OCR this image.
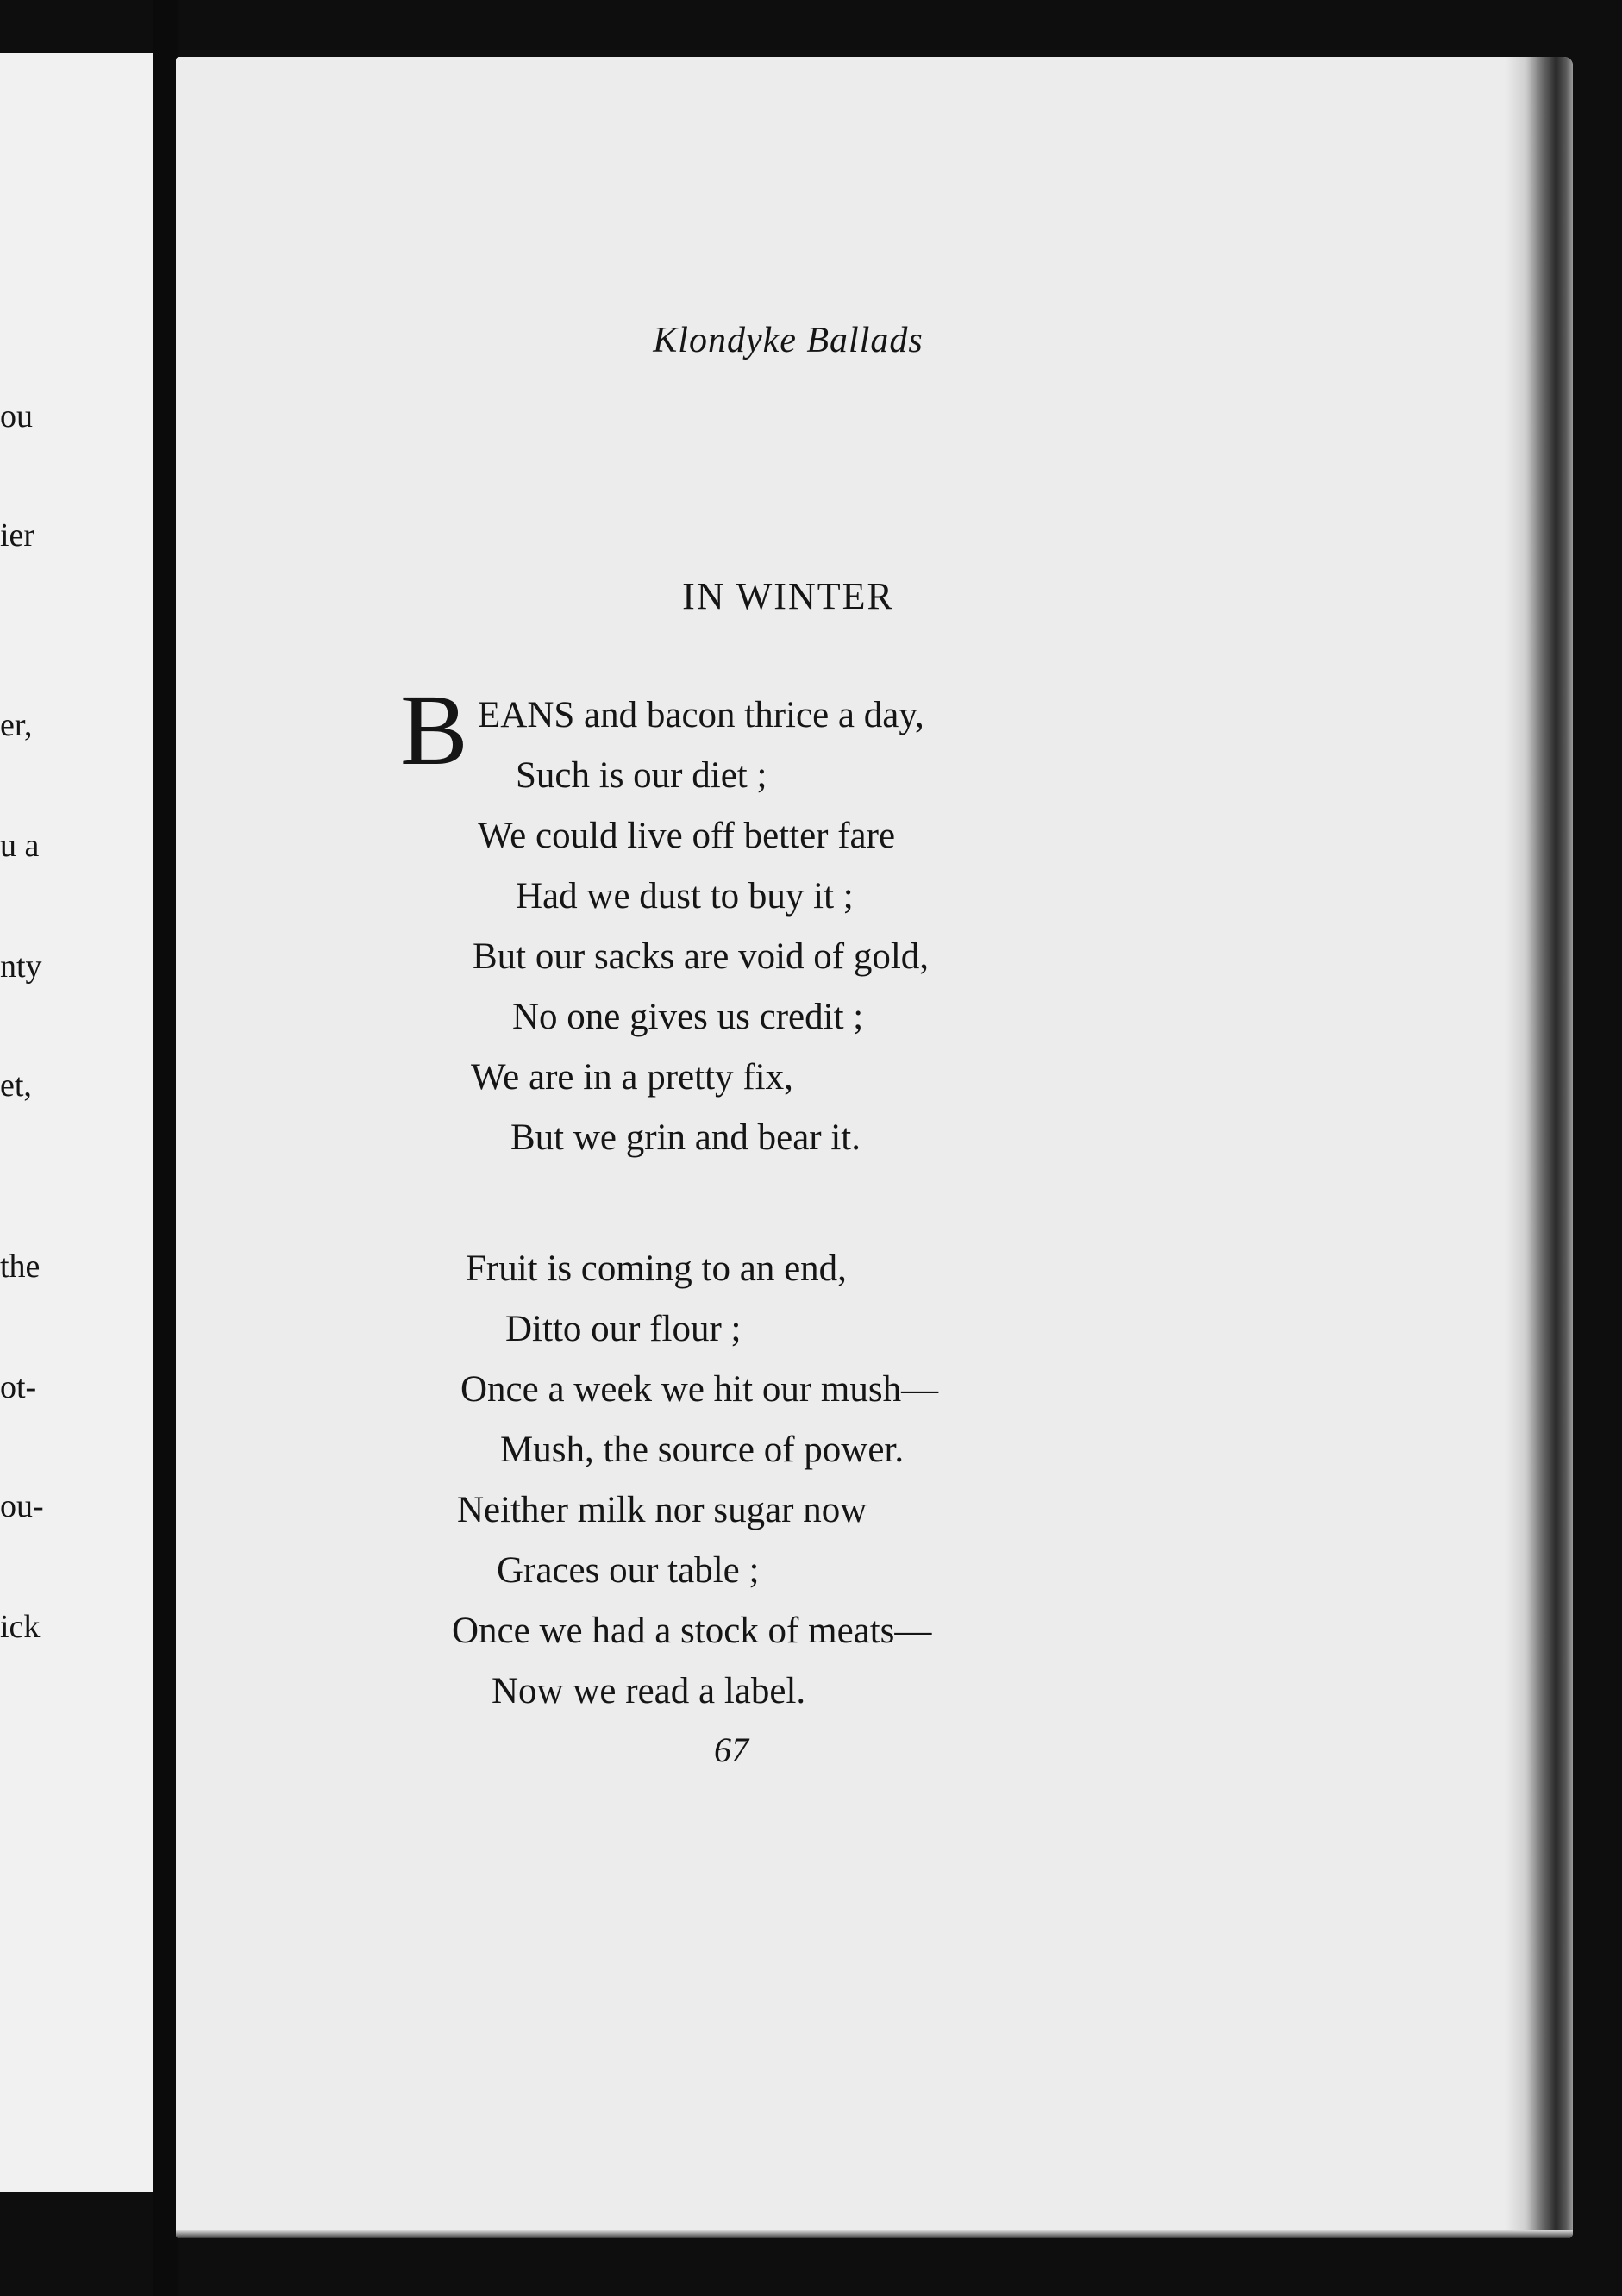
ou
ier
er,
u a
nty
et,
the
ot-
ou-
ick
Klondyke Ballads
IN WINTER
B EANS and bacon thrice a day,
Such is our diet ;
We could live off better fare
Had we dust to buy it ;
But our sacks are void of gold,
No one gives us credit ;
We are in a pretty fix,
But we grin and bear it.
Fruit is coming to an end,
Ditto our flour ;
Once a week we hit our mush—
Mush, the source of power.
Neither milk nor sugar now
Graces our table ;
Once we had a stock of meats—
Now we read a label.
67
